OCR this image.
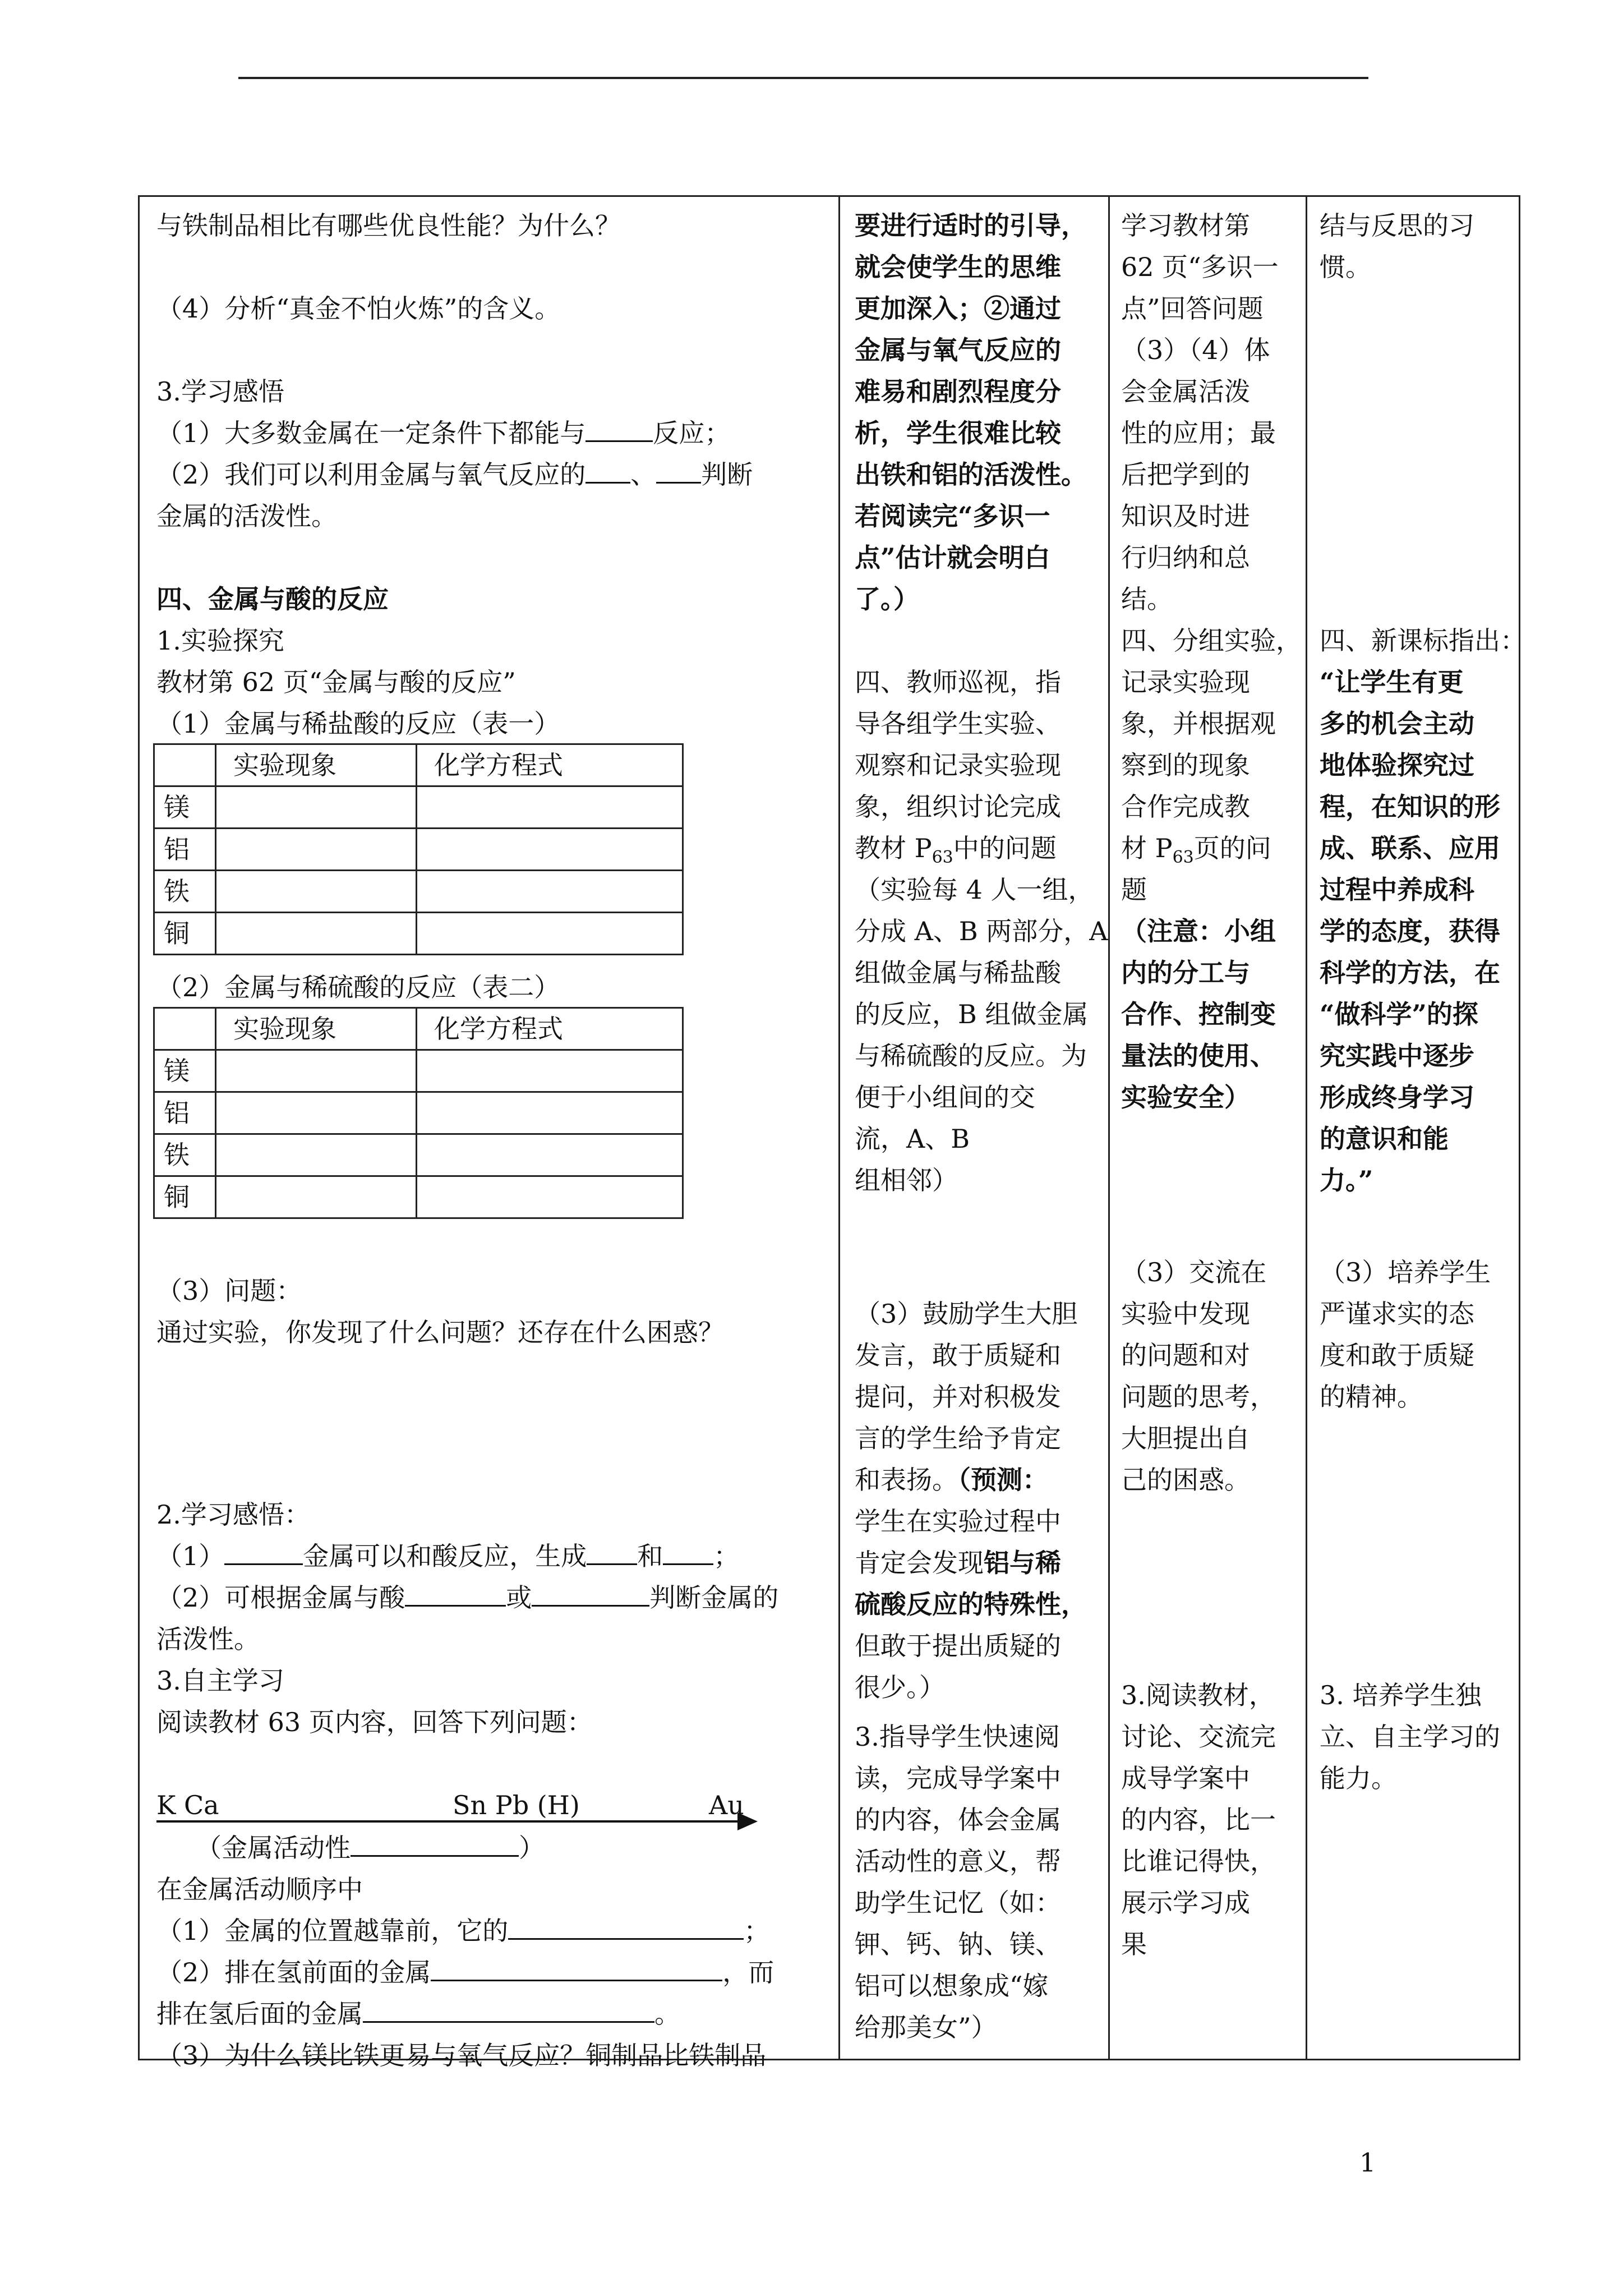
与铁制品相比有哪些优良性能？为什么？
（4）分析“真金不怕火炼”的含义。
3.学习感悟
（1）大多数金属在一定条件下都能与	反应；
（2）我们可以利用金属与氧气反应的 、 判断
金属的活泼性。
四、金属与酸的反应
1.实验探究
教材第 62 页“金属与酸的反应”
（1）金属与稀盐酸的反应（表一）
	实验现象	化学方程式
镁		
铝		
铁		
铜		
（2）金属与稀硫酸的反应（表二）
	实验现象	化学方程式
镁		
铝		
铁		
铜		
（3）问题：
通过实验，你发现了什么问题？还存在什么困惑？
2.学习感悟：
（1）	金属可以和酸反应，生成 和 ；
（2）可根据金属与酸	或	判断金属的
活泼性。
3.自主学习
阅读教材 63 页内容，回答下列问题：
K Ca	Sn Pb (H)	Au
（金属活动性	）
在金属活动顺序中
（1）金属的位置越靠前，它的	；
（2）排在氢前面的金属	，而
排在氢后面的金属	。
（3）为什么镁比铁更易与氧气反应？铜制品比铁制品

要进行适时的引导，
就会使学生的思维
更加深入；②通过
金属与氧气反应的
难易和剧烈程度分
析，学生很难比较
出铁和铝的活泼性。
若阅读完“多识一
点”估计就会明白
了。）
四、教师巡视，指
导各组学生实验、
观察和记录实验现
象，组织讨论完成
教材 $P_{63}$中的问题
（实验每 4 人一组，
分成 A、B 两部分，A
组做金属与稀盐酸
的反应，B 组做金属
与稀硫酸的反应。为
便于小组间的交
流，A、B
组相邻）
（3）鼓励学生大胆
发言，敢于质疑和
提问，并对积极发
言的学生给予肯定
和表扬。（预测：
学生在实验过程中
肯定会发现铝与稀
硫酸反应的特殊性，
但敢于提出质疑的
很少。）
3.指导学生快速阅
读，完成导学案中
的内容，体会金属
活动性的意义，帮
助学生记忆（如：
钾、钙、钠、镁、
铝可以想象成“嫁
给那美女”）

学习教材第
62 页“多识一
点”回答问题
（3）（4）体
会金属活泼
性的应用；最
后把学到的
知识及时进
行归纳和总
结。
四、分组实验，
记录实验现
象，并根据观
察到的现象
合作完成教
材 $P_{63}$页的问
题
（注意：小组
内的分工与
合作、控制变
量法的使用、
实验安全）
（3）交流在
实验中发现
的问题和对
问题的思考，
大胆提出自
己的困惑。
3.阅读教材，
讨论、交流完
成导学案中
的内容，比一
比谁记得快，
展示学习成
果

结与反思的习
惯。
四、新课标指出：
“让学生有更
多的机会主动
地体验探究过
程，在知识的形
成、联系、应用
过程中养成科
学的态度，获得
科学的方法，在
“做科学”的探
究实践中逐步
形成终身学习
的意识和能
力。”
（3）培养学生
严谨求实的态
度和敢于质疑
的精神。
3. 培养学生独
立、自主学习的
能力。
1
